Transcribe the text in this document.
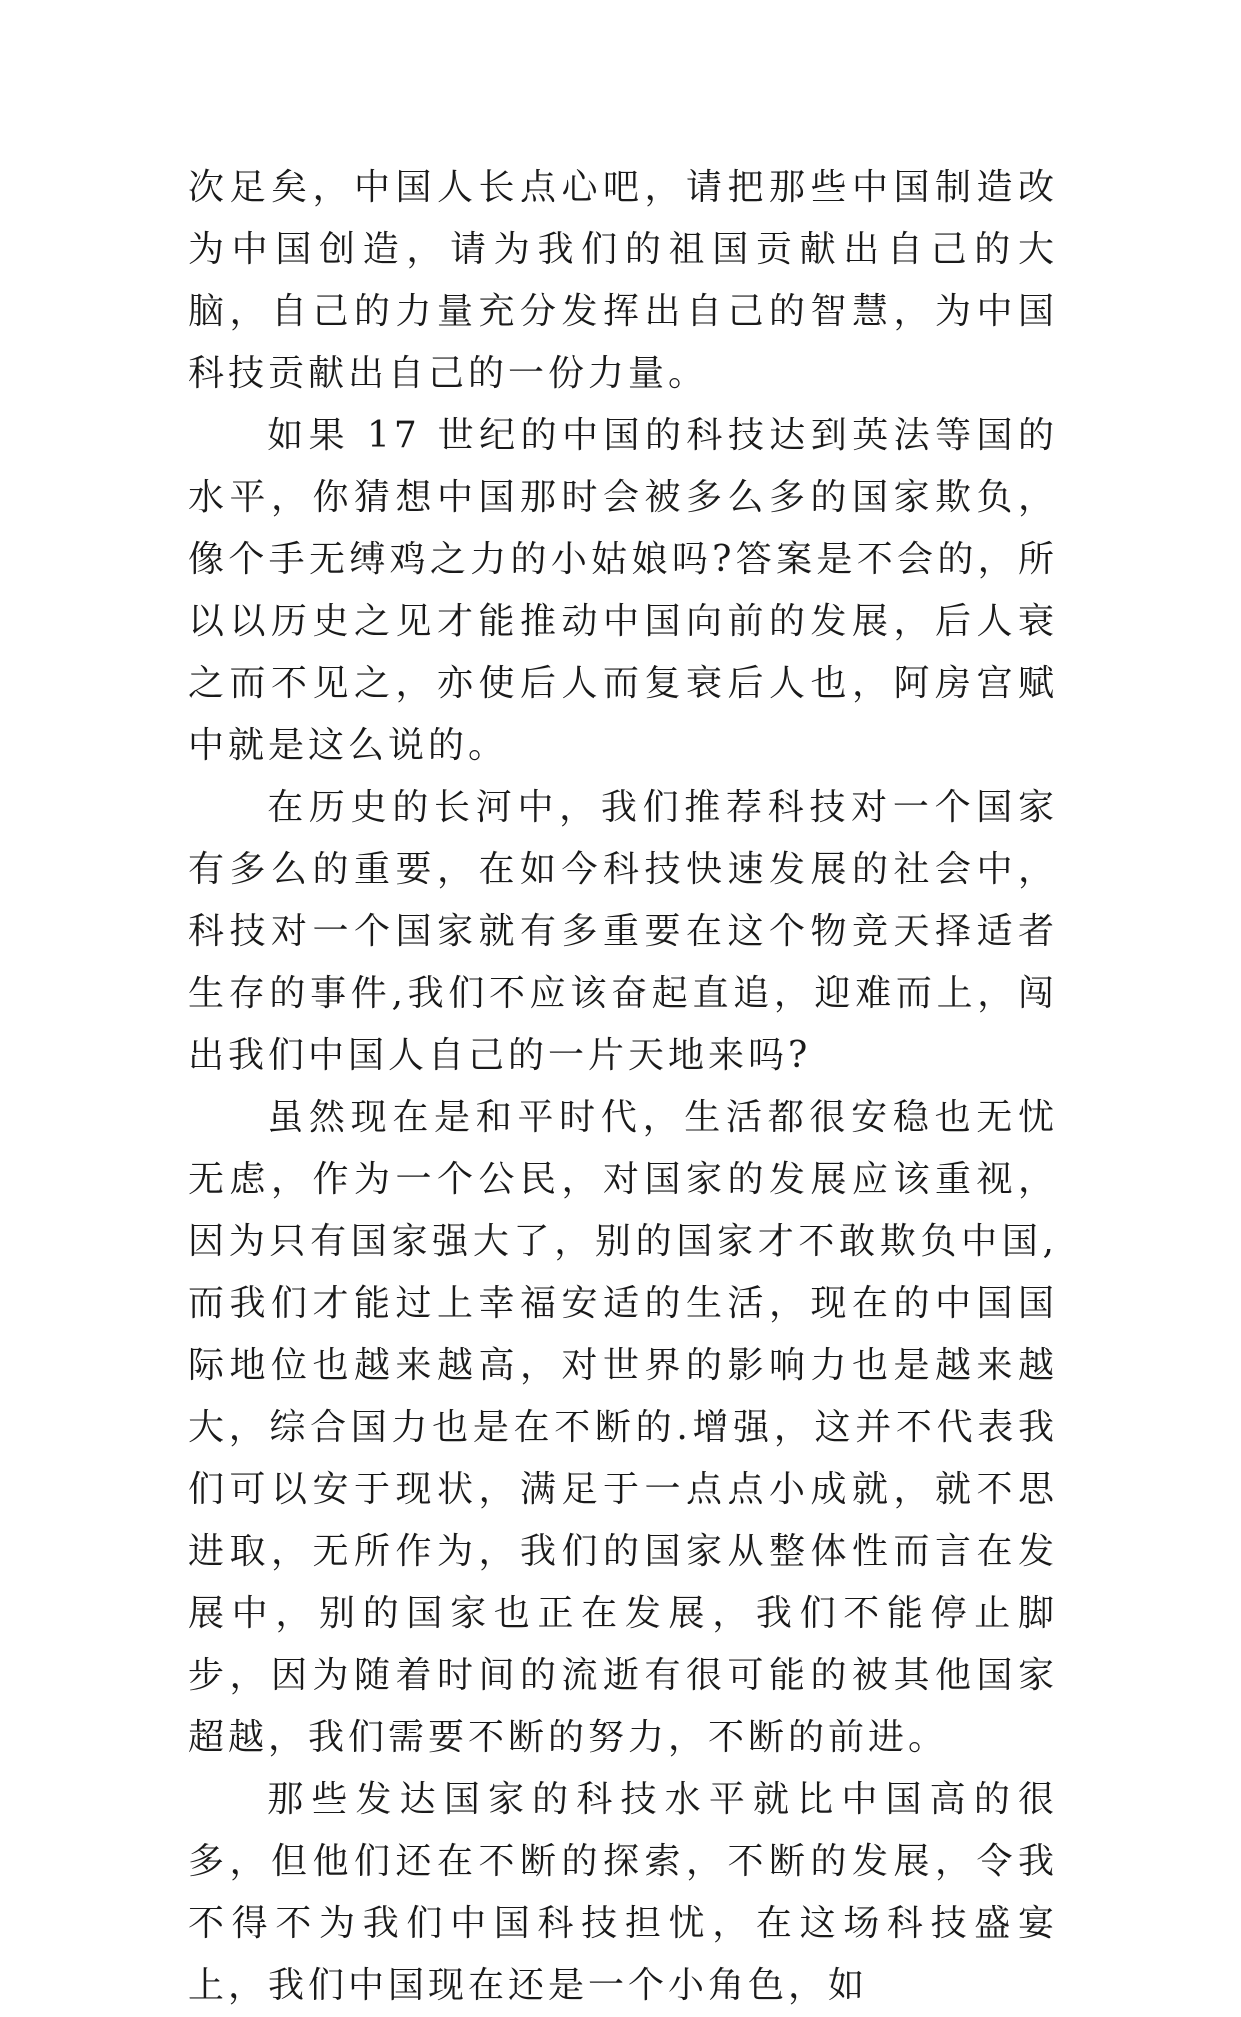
次足矣，中国人长点心吧，请把那些中国制造改为中国创造，请为我们的祖国贡献出自己的大脑，自己的力量充分发挥出自己的智慧，为中国科技贡献出自己的一份力量。

如果 17 世纪的中国的科技达到英法等国的水平，你猜想中国那时会被多么多的国家欺负，像个手无缚鸡之力的小姑娘吗?答案是不会的，所以以历史之见才能推动中国向前的发展，后人衰之而不见之，亦使后人而复衰后人也，阿房宫赋中就是这么说的。

在历史的长河中，我们推荐科技对一个国家有多么的重要，在如今科技快速发展的社会中，科技对一个国家就有多重要在这个物竞天择适者生存的事件,我们不应该奋起直追，迎难而上，闯出我们中国人自己的一片天地来吗?

虽然现在是和平时代，生活都很安稳也无忧无虑，作为一个公民，对国家的发展应该重视，因为只有国家强大了，别的国家才不敢欺负中国,而我们才能过上幸福安适的生活，现在的中国国际地位也越来越高，对世界的影响力也是越来越大，综合国力也是在不断的.增强，这并不代表我们可以安于现状，满足于一点点小成就，就不思进取，无所作为，我们的国家从整体性而言在发展中，别的国家也正在发展，我们不能停止脚步，因为随着时间的流逝有很可能的被其他国家超越，我们需要不断的努力，不断的前进。

那些发达国家的科技水平就比中国高的很多，但他们还在不断的探索，不断的发展，令我不得不为我们中国科技担忧，在这场科技盛宴上，我们中国现在还是一个小角色，如
